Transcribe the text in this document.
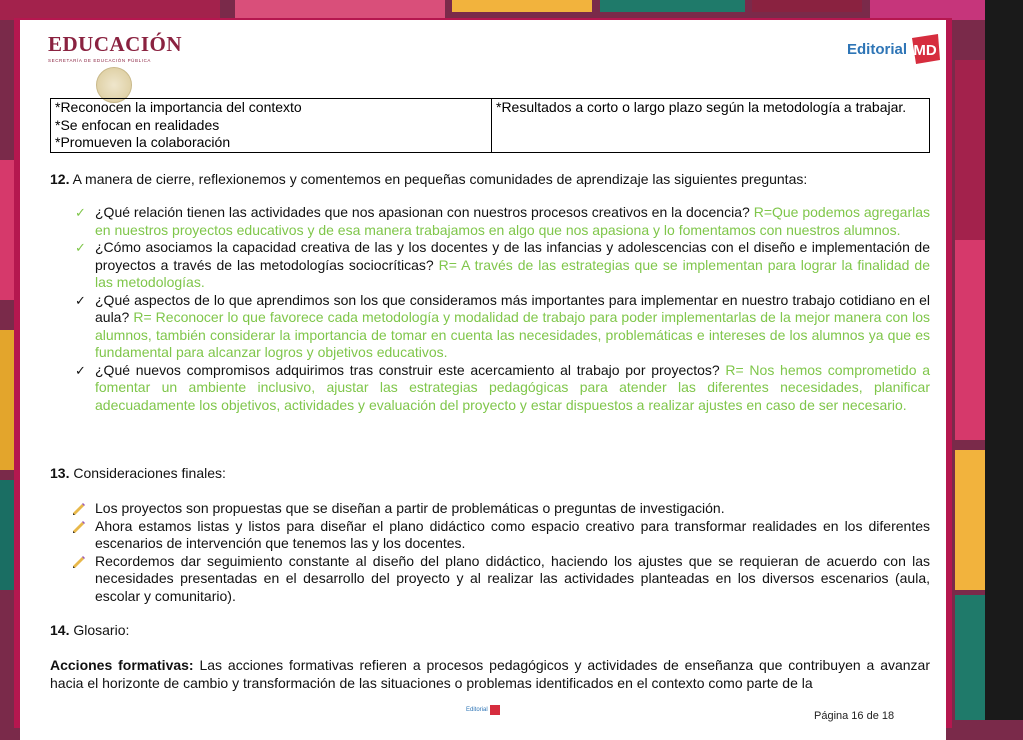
EDUCACIÓN
SECRETARÍA DE EDUCACIÓN PÚBLICA
Editorial MD
*Reconocen la importancia del contexto
*Se enfocan en realidades
*Promueven la colaboración
	*Resultados a corto o largo plazo según la metodología a trabajar.
12. A manera de cierre, reflexionemos y comentemos en pequeñas comunidades de aprendizaje las siguientes preguntas:
✓ ¿Qué relación tienen las actividades que nos apasionan con nuestros procesos creativos en la docencia? R=Que podemos agregarlas en nuestros proyectos educativos y de esa manera trabajamos en algo que nos apasiona y lo fomentamos con nuestros alumnos.
✓ ¿Cómo asociamos la capacidad creativa de las y los docentes y de las infancias y adolescencias con el diseño e implementación de proyectos a través de las metodologías sociocríticas? R= A través de las estrategias que se implementan para lograr la finalidad de las metodologías.
✓ ¿Qué aspectos de lo que aprendimos son los que consideramos más importantes para implementar en nuestro trabajo cotidiano en el aula? R= Reconocer lo que favorece cada metodología y modalidad de trabajo para poder implementarlas de la mejor manera con los alumnos, también considerar la importancia de tomar en cuenta las necesidades, problemáticas e intereses de los alumnos ya que es fundamental para alcanzar logros y objetivos educativos.
✓ ¿Qué nuevos compromisos adquirimos tras construir este acercamiento al trabajo por proyectos? R= Nos hemos comprometido a fomentar un ambiente inclusivo, ajustar las estrategias pedagógicas para atender las diferentes necesidades, planificar adecuadamente los objetivos, actividades y evaluación del proyecto y estar dispuestos a realizar ajustes en caso de ser necesario.
13. Consideraciones finales:
Los proyectos son propuestas que se diseñan a partir de problemáticas o preguntas de investigación.
Ahora estamos listas y listos para diseñar el plano didáctico como espacio creativo para transformar realidades en los diferentes escenarios de intervención que tenemos las y los docentes.
Recordemos dar seguimiento constante al diseño del plano didáctico, haciendo los ajustes que se requieran de acuerdo con las necesidades presentadas en el desarrollo del proyecto y al realizar las actividades planteadas en los diversos escenarios (aula, escolar y comunitario).
14. Glosario:
Acciones formativas: Las acciones formativas refieren a procesos pedagógicos y actividades de enseñanza que contribuyen a avanzar hacia el horizonte de cambio y transformación de las situaciones o problemas identificados en el contexto como parte de la
Editorial	Página 16 de 18
